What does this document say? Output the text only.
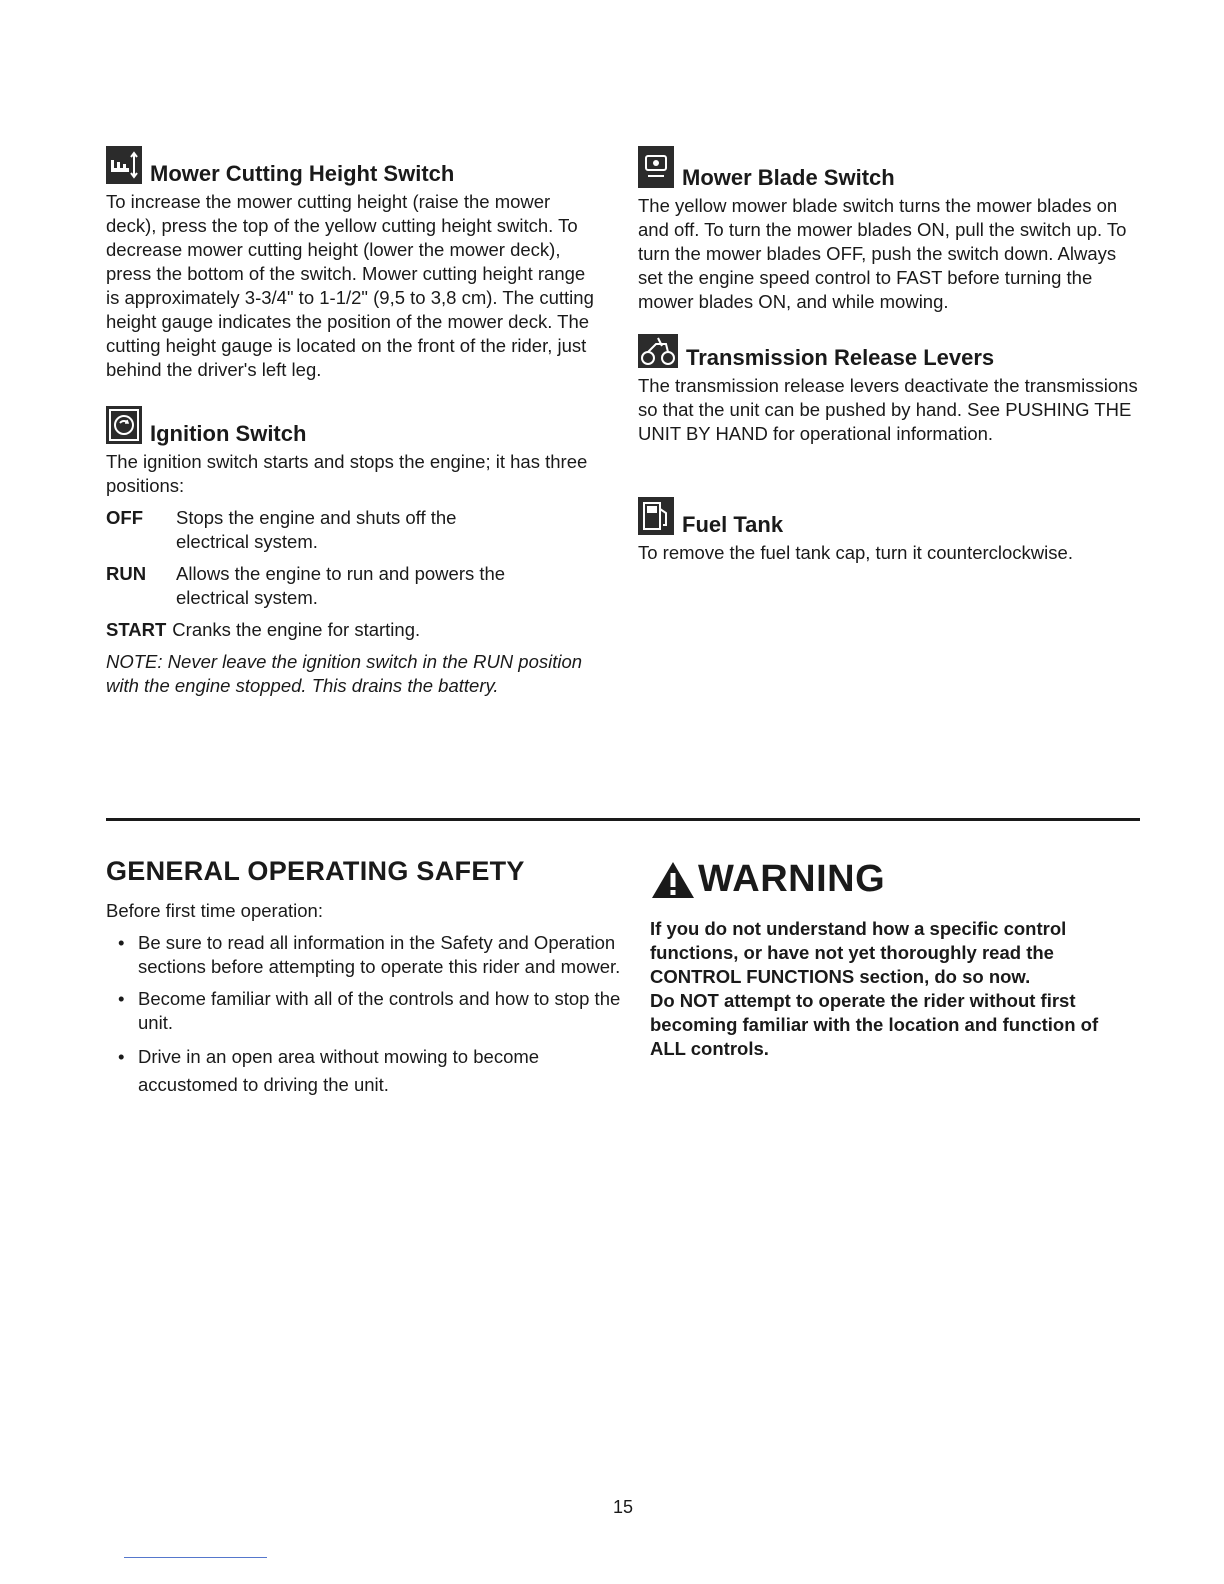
Mower Cutting Height Switch

To increase the mower cutting height (raise the mower deck), press the top of the yellow cutting height switch. To decrease mower cutting height (lower the mower deck), press the bottom of the switch. Mower cutting height range is approximately 3-3/4" to 1-1/2" (9,5 to 3,8 cm). The cutting height gauge indicates the position of the mower deck. The cutting height gauge is located on the front of the rider, just behind the driver's left leg.

Ignition Switch

The ignition switch starts and stops the engine; it has three positions:

OFF	Stops the engine and shuts off the electrical system.
RUN	Allows the engine to run and powers the electrical system.
START Cranks the engine for starting.

NOTE: Never leave the ignition switch in the RUN position with the engine stopped. This drains the battery.

Mower Blade Switch

The yellow mower blade switch turns the mower blades on and off. To turn the mower blades ON, pull the switch up. To turn the mower blades OFF, push the switch down. Always set the engine speed control to FAST before turning the mower blades ON, and while mowing.

Transmission Release Levers

The transmission release levers deactivate the transmissions so that the unit can be pushed by hand. See PUSHING THE UNIT BY HAND for operational information.

Fuel Tank

To remove the fuel tank cap, turn it counterclockwise.

GENERAL OPERATING SAFETY

Before first time operation:

• Be sure to read all information in the Safety and Operation sections before attempting to operate this rider and mower.
• Become familiar with all of the controls and how to stop the unit.
• Drive in an open area without mowing to become accustomed to driving the unit.
WARNING

If you do not understand how a specific control functions, or have not yet thoroughly read the CONTROL FUNCTIONS section, do so now.

Do NOT attempt to operate the rider without first becoming familiar with the location and function of ALL controls.

15
